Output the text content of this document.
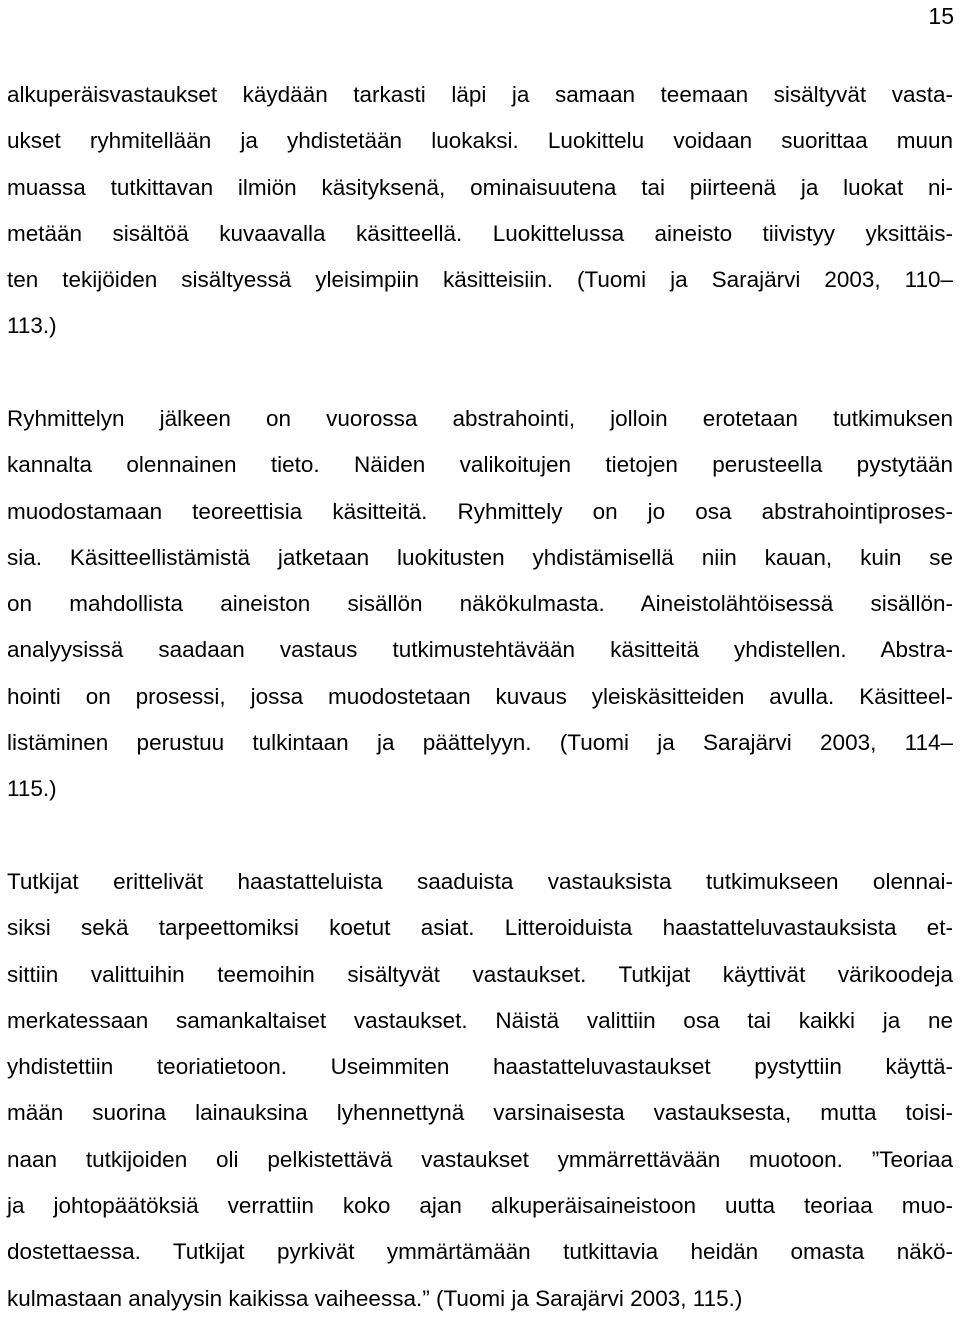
15
alkuperäisvastaukset käydään tarkasti läpi ja samaan teemaan sisältyvät vasta-
ukset ryhmitellään ja yhdistetään luokaksi. Luokittelu voidaan suorittaa muun
muassa tutkittavan ilmiön käsityksenä, ominaisuutena tai piirteenä ja luokat ni-
metään sisältöä kuvaavalla käsitteellä. Luokittelussa aineisto tiivistyy yksittäis-
ten tekijöiden sisältyessä yleisimpiin käsitteisiin. (Tuomi ja Sarajärvi 2003, 110–
113.)
Ryhmittelyn jälkeen on vuorossa abstrahointi, jolloin erotetaan tutkimuksen
kannalta olennainen tieto. Näiden valikoitujen tietojen perusteella pystytään
muodostamaan teoreettisia käsitteitä. Ryhmittely on jo osa abstrahointiproses-
sia. Käsitteellistämistä jatketaan luokitusten yhdistämisellä niin kauan, kuin se
on mahdollista aineiston sisällön näkökulmasta. Aineistolähtöisessä sisällön-
analyysissä saadaan vastaus tutkimustehtävään käsitteitä yhdistellen. Abstra-
hointi on prosessi, jossa muodostetaan kuvaus yleiskäsitteiden avulla. Käsitteel-
listäminen perustuu tulkintaan ja päättelyyn. (Tuomi ja Sarajärvi 2003, 114–
115.)
Tutkijat erittelivät haastatteluista saaduista vastauksista tutkimukseen olennai-
siksi sekä tarpeettomiksi koetut asiat. Litteroiduista haastatteluvastauksista et-
sittiin valittuihin teemoihin sisältyvät vastaukset. Tutkijat käyttivät värikoodeja
merkatessaan samankaltaiset vastaukset. Näistä valittiin osa tai kaikki ja ne
yhdistettiin teoriatietoon. Useimmiten haastatteluvastaukset pystyttiin käyttä-
mään suorina lainauksina lyhennettynä varsinaisesta vastauksesta, mutta toisi-
naan tutkijoiden oli pelkistettävä vastaukset ymmärrettävään muotoon. ”Teoriaa
ja johtopäätöksiä verrattiin koko ajan alkuperäisaineistoon uutta teoriaa muo-
dostettaessa. Tutkijat pyrkivät ymmärtämään tutkittavia heidän omasta näkö-
kulmastaan analyysin kaikissa vaiheessa.” (Tuomi ja Sarajärvi 2003, 115.)
